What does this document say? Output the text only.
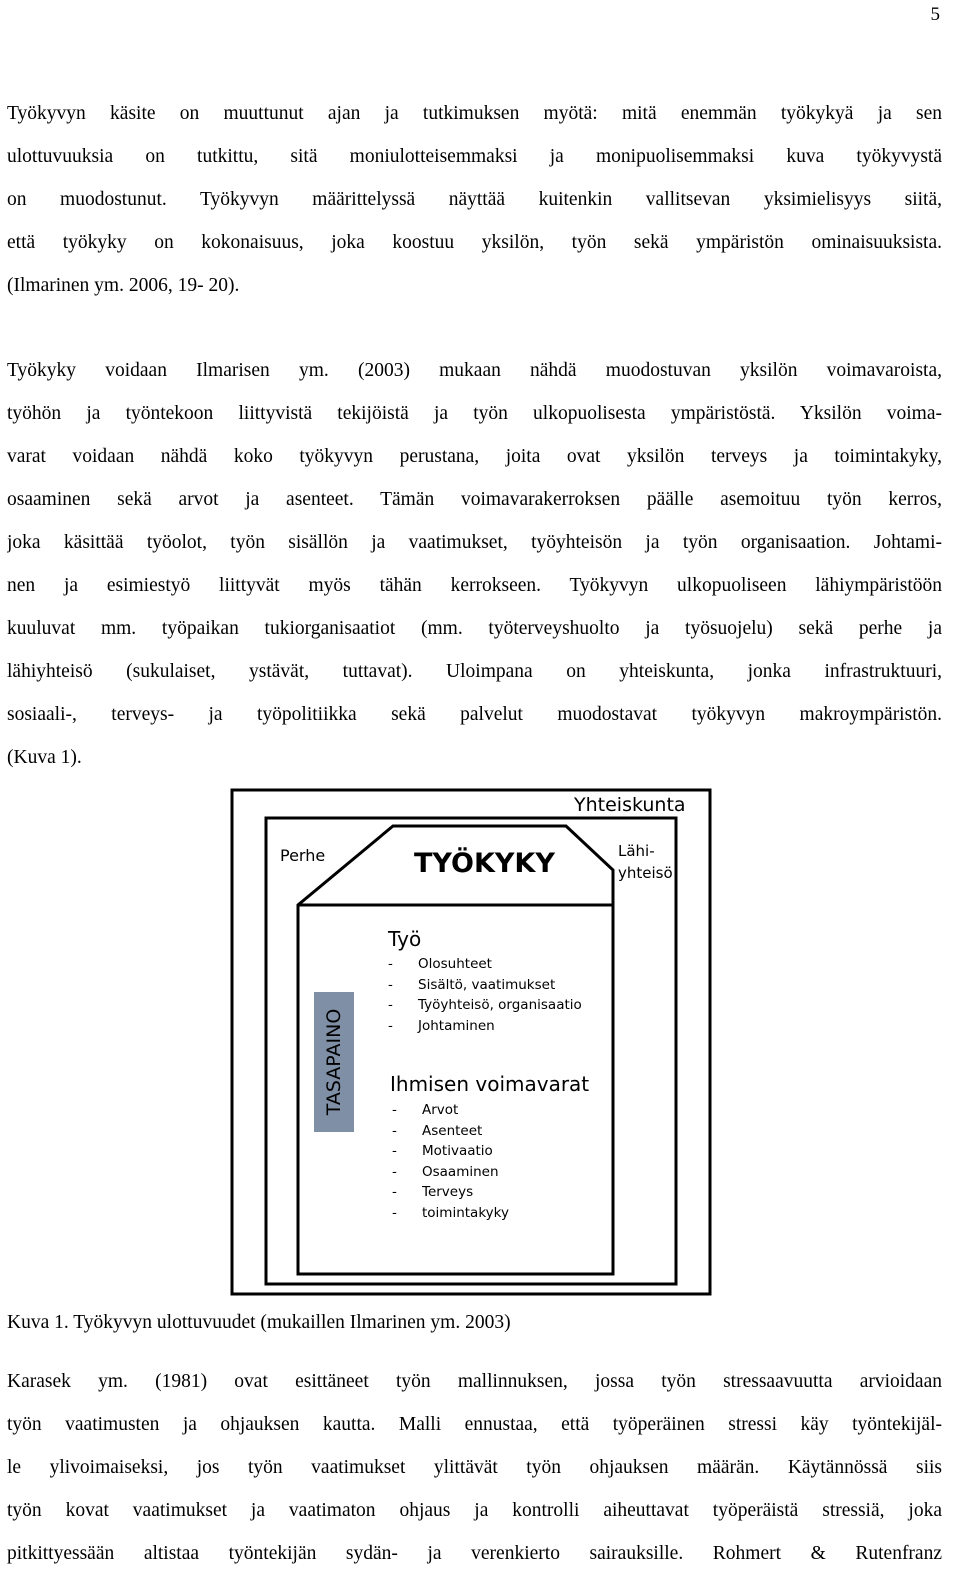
5
Työkyvyn käsite on muuttunut ajan ja tutkimuksen myötä: mitä enemmän työkykyä ja sen
ulottuvuuksia on tutkittu, sitä moniulotteisemmaksi ja monipuolisemmaksi kuva työkyvystä
on muodostunut. Työkyvyn määrittelyssä näyttää kuitenkin vallitsevan yksimielisyys siitä,
että työkyky on kokonaisuus, joka koostuu yksilön, työn sekä ympäristön ominaisuuksista.
(Ilmarinen ym. 2006, 19- 20).
Työkyky voidaan Ilmarisen ym. (2003) mukaan nähdä muodostuvan yksilön voimavaroista,
työhön ja työntekoon liittyvistä tekijöistä ja työn ulkopuolisesta ympäristöstä. Yksilön voima-
varat voidaan nähdä koko työkyvyn perustana, joita ovat yksilön terveys ja toimintakyky,
osaaminen sekä arvot ja asenteet. Tämän voimavarakerroksen päälle asemoituu työn kerros,
joka käsittää työolot, työn sisällön ja vaatimukset, työyhteisön ja työn organisaation. Johtami-
nen ja esimiestyö liittyvät myös tähän kerrokseen. Työkyvyn ulkopuoliseen lähiympäristöön
kuuluvat mm. työpaikan tukiorganisaatiot (mm. työterveyshuolto ja työsuojelu) sekä perhe ja
lähiyhteisö (sukulaiset, ystävät, tuttavat). Uloimpana on yhteiskunta, jonka infrastruktuuri,
sosiaali-, terveys- ja työpolitiikka sekä palvelut muodostavat työkyvyn makroympäristön.
(Kuva 1).
Yhteiskunta
Perhe	TYÖKYKY	Lähi-
yhteisö
Työ
- Olosuhteet
- Sisältö, vaatimukset
- Työyhteisö, organisaatio
- Johtaminen
Ihmisen voimavarat
- Arvot
- Asenteet
- Motivaatio
- Osaaminen
- Terveys
- toimintakyky
TASAPAINO
Kuva 1. Työkyvyn ulottuvuudet (mukaillen Ilmarinen ym. 2003)
Karasek ym. (1981) ovat esittäneet työn mallinnuksen, jossa työn stressaavuutta arvioidaan
työn vaatimusten ja ohjauksen kautta. Malli ennustaa, että työperäinen stressi käy työntekijäl-
le ylivoimaiseksi, jos työn vaatimukset ylittävät työn ohjauksen määrän. Käytännössä siis
työn kovat vaatimukset ja vaatimaton ohjaus ja kontrolli aiheuttavat työperäistä stressiä, joka
pitkittyessään altistaa työntekijän sydän- ja verenkierto sairauksille. Rohmert & Rutenfranz
